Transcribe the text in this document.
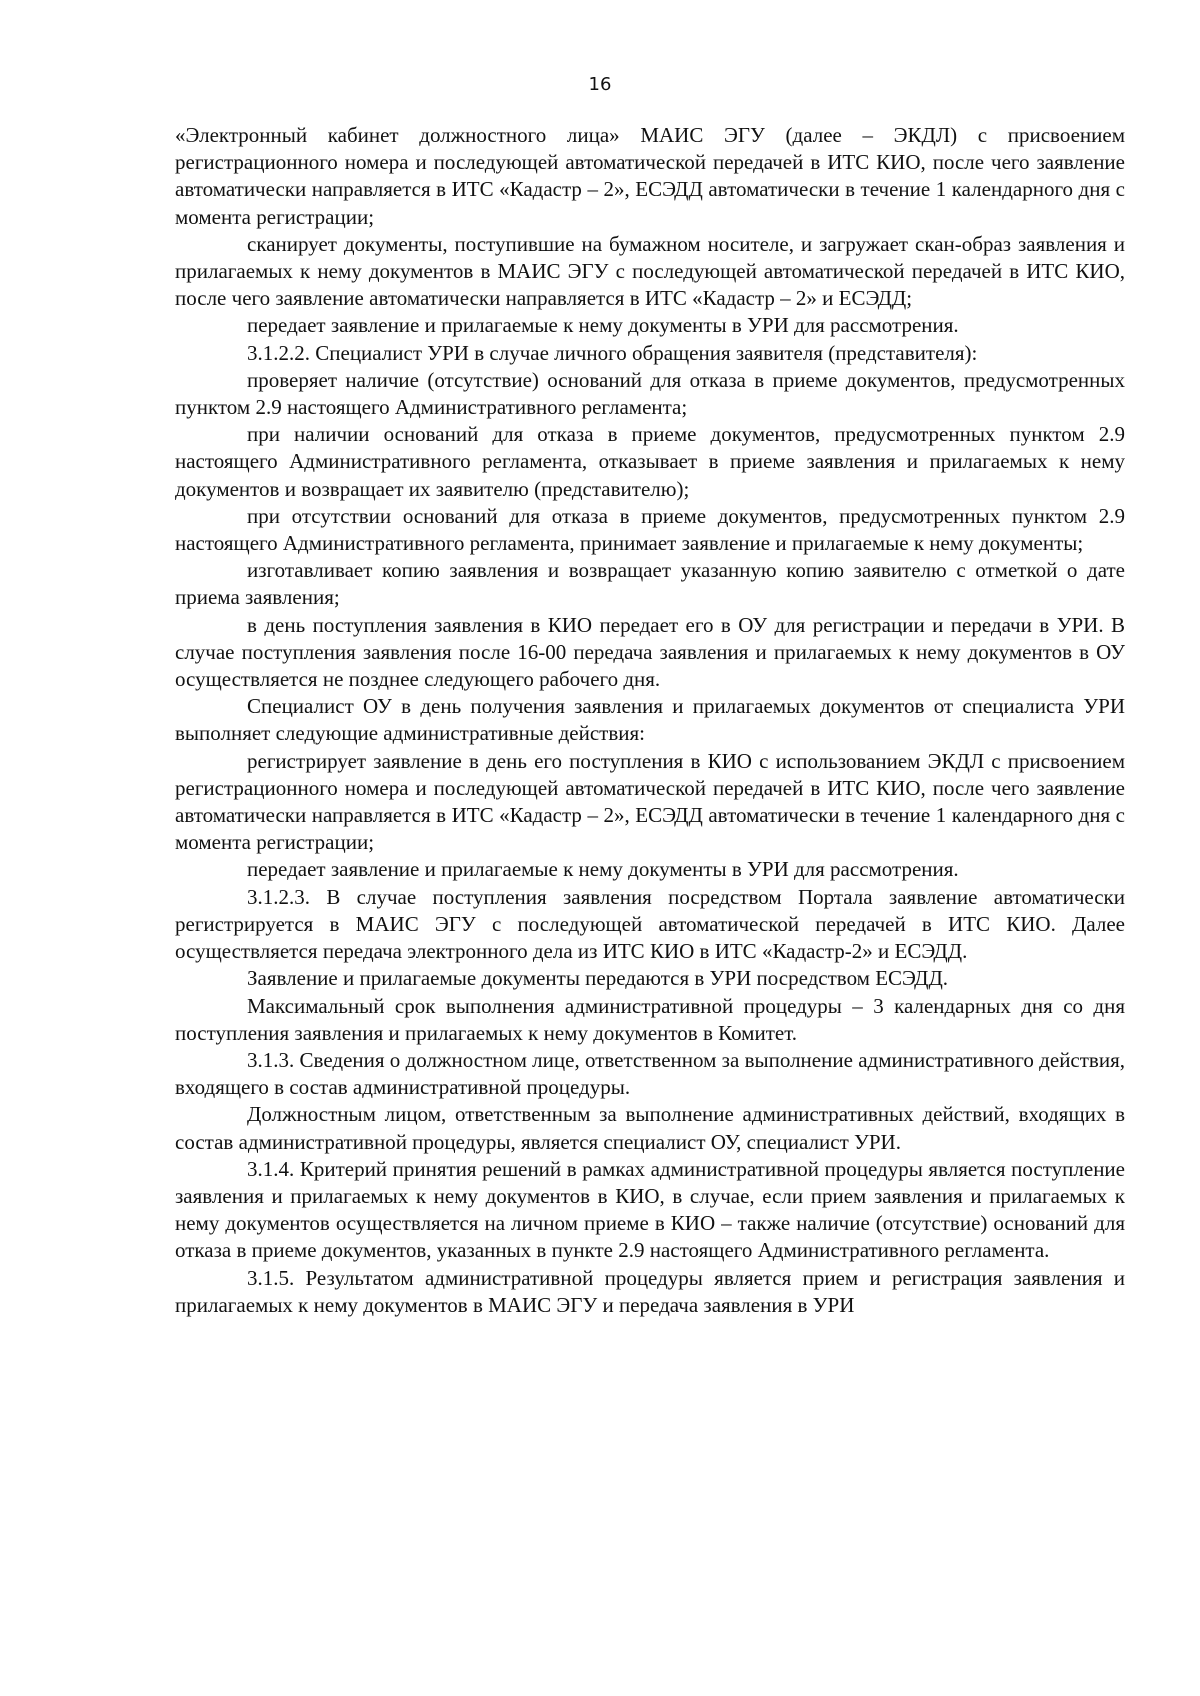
16

«Электронный кабинет должностного лица» МАИС ЭГУ (далее – ЭКДЛ) с присвоением регистрационного номера и последующей автоматической передачей в ИТС КИО, после чего заявление автоматически направляется в ИТС «Кадастр – 2», ЕСЭДД автоматически в течение 1 календарного дня с момента регистрации;

сканирует документы, поступившие на бумажном носителе, и загружает скан-образ заявления и прилагаемых к нему документов в МАИС ЭГУ с последующей автоматической передачей в ИТС КИО, после чего заявление автоматически направляется в ИТС «Кадастр – 2» и ЕСЭДД;

передает заявление и прилагаемые к нему документы в УРИ для рассмотрения.

3.1.2.2. Специалист УРИ в случае личного обращения заявителя (представителя):

проверяет наличие (отсутствие) оснований для отказа в приеме документов, предусмотренных пунктом 2.9 настоящего Административного регламента;

при наличии оснований для отказа в приеме документов, предусмотренных пунктом 2.9 настоящего Административного регламента, отказывает в приеме заявления и прилагаемых к нему документов и возвращает их заявителю (представителю);

при отсутствии оснований для отказа в приеме документов, предусмотренных пунктом 2.9 настоящего Административного регламента, принимает заявление и прилагаемые к нему документы;

изготавливает копию заявления и возвращает указанную копию заявителю с отметкой о дате приема заявления;

в день поступления заявления в КИО передает его в ОУ для регистрации и передачи в УРИ. В случае поступления заявления после 16-00 передача заявления и прилагаемых к нему документов в ОУ осуществляется не позднее следующего рабочего дня.

Специалист ОУ в день получения заявления и прилагаемых документов от специалиста УРИ выполняет следующие административные действия:

регистрирует заявление в день его поступления в КИО с использованием ЭКДЛ с присвоением регистрационного номера и последующей автоматической передачей в ИТС КИО, после чего заявление автоматически направляется в ИТС «Кадастр – 2», ЕСЭДД автоматически в течение 1 календарного дня с момента регистрации;

передает заявление и прилагаемые к нему документы в УРИ для рассмотрения.

3.1.2.3. В случае поступления заявления посредством Портала заявление автоматически регистрируется в МАИС ЭГУ с последующей автоматической передачей в ИТС КИО. Далее осуществляется передача электронного дела из ИТС КИО в ИТС «Кадастр-2» и ЕСЭДД.

Заявление и прилагаемые документы передаются в УРИ посредством ЕСЭДД.

Максимальный срок выполнения административной процедуры – 3 календарных дня со дня поступления заявления и прилагаемых к нему документов в Комитет.

3.1.3. Сведения о должностном лице, ответственном за выполнение административного действия, входящего в состав административной процедуры.

Должностным лицом, ответственным за выполнение административных действий, входящих в состав административной процедуры, является специалист ОУ, специалист УРИ.

3.1.4. Критерий принятия решений в рамках административной процедуры является поступление заявления и прилагаемых к нему документов в КИО, в случае, если прием заявления и прилагаемых к нему документов осуществляется на личном приеме в КИО – также наличие (отсутствие) оснований для отказа в приеме документов, указанных в пункте 2.9 настоящего Административного регламента.

3.1.5. Результатом административной процедуры является прием и регистрация заявления и прилагаемых к нему документов в МАИС ЭГУ и передача заявления в УРИ
